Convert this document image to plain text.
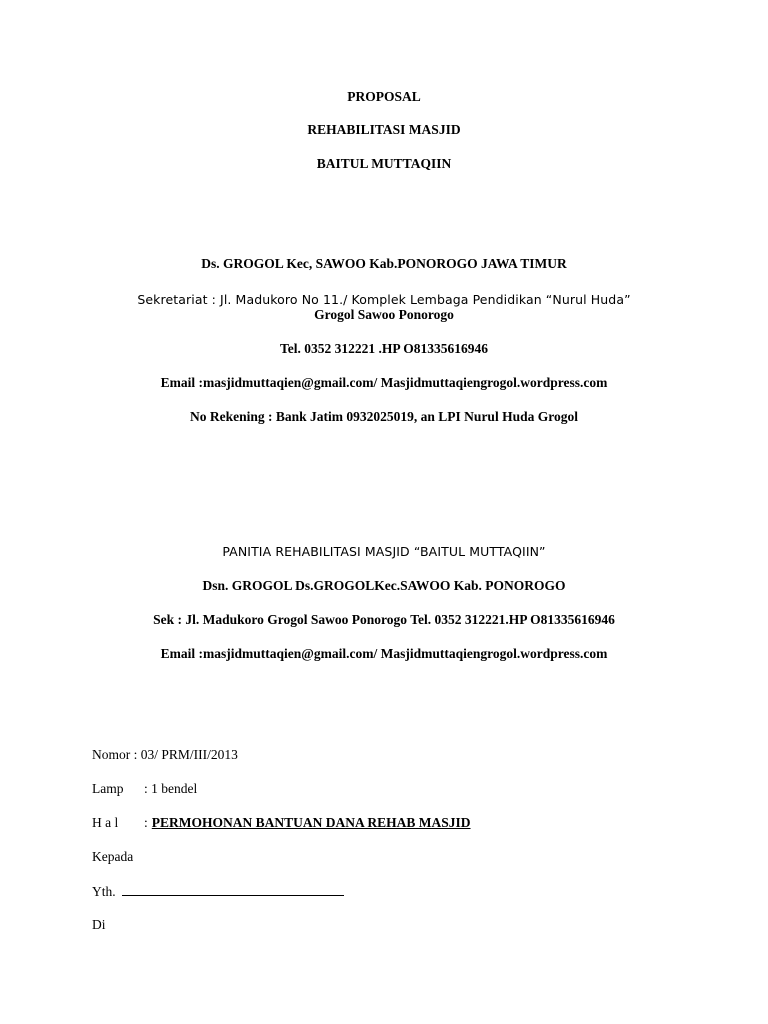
PROPOSAL
REHABILITASI MASJID
BAITUL MUTTAQIIN
Ds. GROGOL Kec, SAWOO Kab.PONOROGO JAWA TIMUR
Sekretariat : Jl. Madukoro No 11./ Komplek Lembaga Pendidikan “Nurul Huda”
Grogol Sawoo Ponorogo
Tel. 0352 312221 .HP O81335616946
Email :masjidmuttaqien@gmail.com/ Masjidmuttaqiengrogol.wordpress.com
No Rekening : Bank Jatim 0932025019, an LPI Nurul Huda Grogol
PANITIA REHABILITASI MASJID “BAITUL MUTTAQIIN”
Dsn. GROGOL Ds.GROGOLKec.SAWOO Kab. PONOROGO
Sek : Jl. Madukoro Grogol Sawoo Ponorogo Tel. 0352 312221.HP O81335616946
Email :masjidmuttaqien@gmail.com/ Masjidmuttaqiengrogol.wordpress.com
Nomor : 03/ PRM/III/2013
Lamp : 1 bendel
H a l : PERMOHONAN BANTUAN DANA REHAB MASJID
Kepada
Yth.
Di
